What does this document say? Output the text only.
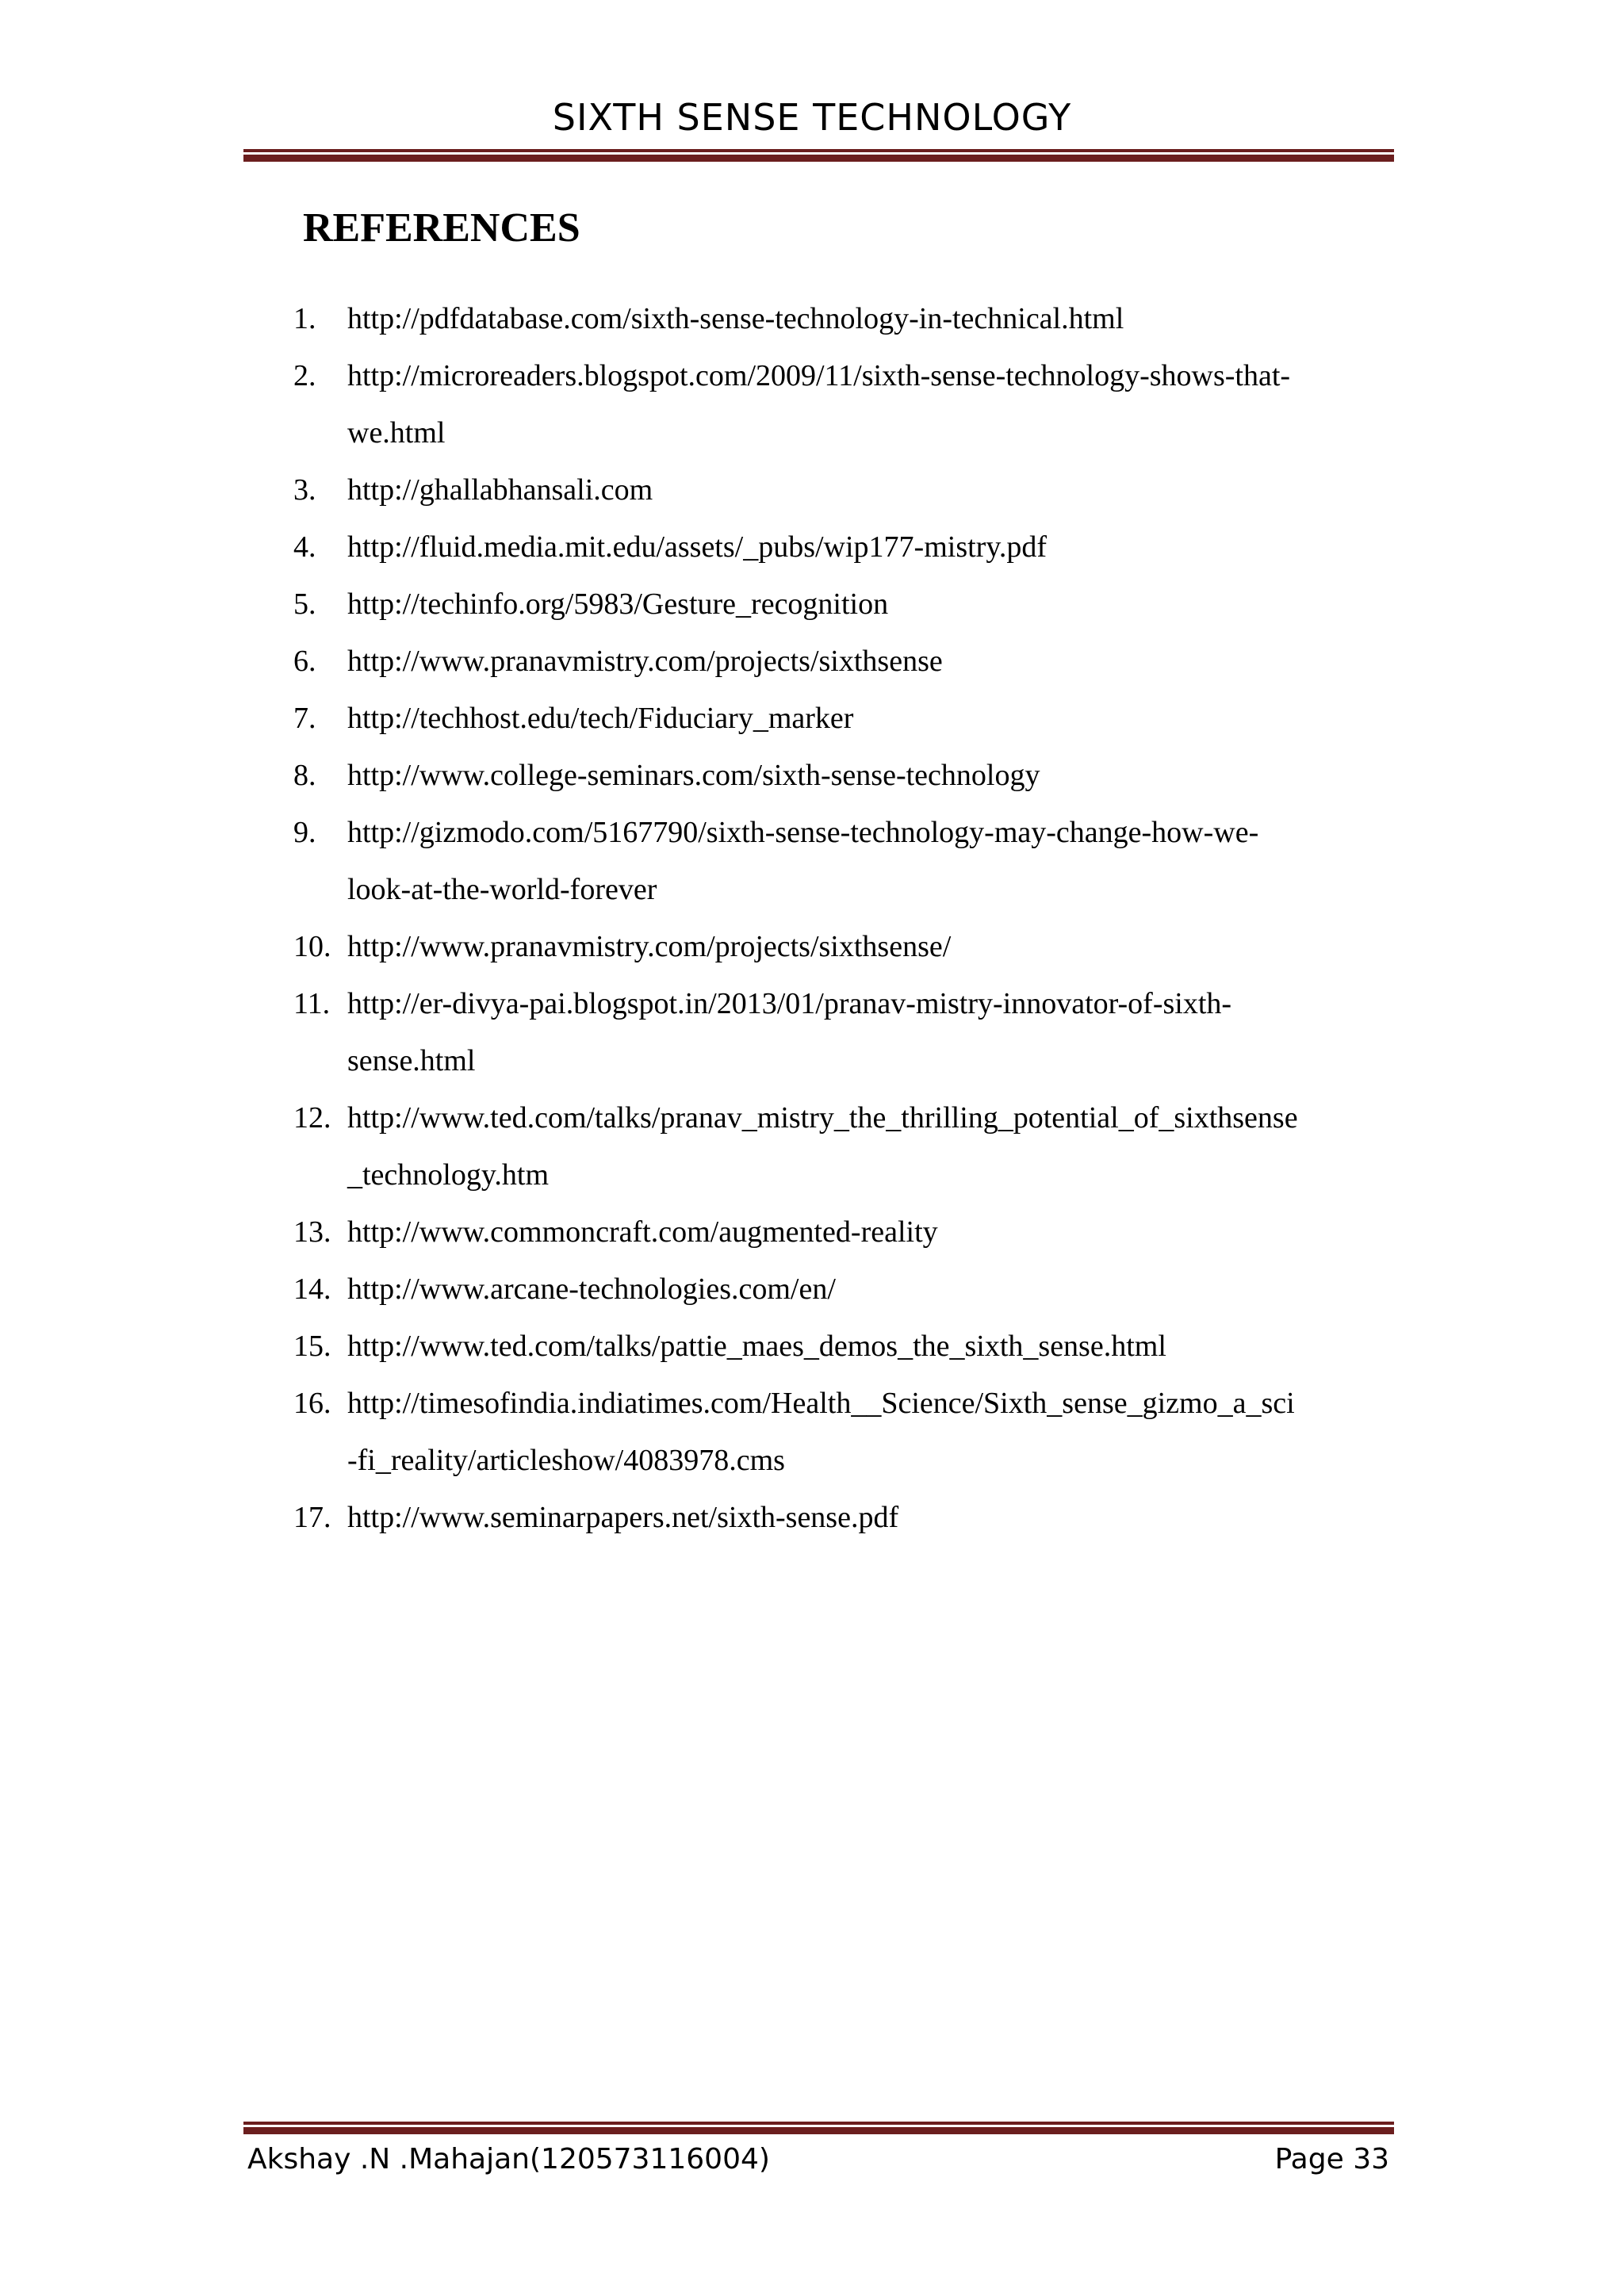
SIXTH SENSE TECHNOLOGY
REFERENCES
1.	http://pdfdatabase.com/sixth-sense-technology-in-technical.html
2.	http://microreaders.blogspot.com/2009/11/sixth-sense-technology-shows-that-
we.html
3.	http://ghallabhansali.com
4.	http://fluid.media.mit.edu/assets/_pubs/wip177-mistry.pdf
5.	http://techinfo.org/5983/Gesture_recognition
6.	http://www.pranavmistry.com/projects/sixthsense
7.	http://techhost.edu/tech/Fiduciary_marker
8.	http://www.college-seminars.com/sixth-sense-technology
9.	http://gizmodo.com/5167790/sixth-sense-technology-may-change-how-we-
look-at-the-world-forever
10. http://www.pranavmistry.com/projects/sixthsense/
11. http://er-divya-pai.blogspot.in/2013/01/pranav-mistry-innovator-of-sixth-
sense.html
12. http://www.ted.com/talks/pranav_mistry_the_thrilling_potential_of_sixthsense
_technology.htm
13. http://www.commoncraft.com/augmented-reality
14. http://www.arcane-technologies.com/en/
15. http://www.ted.com/talks/pattie_maes_demos_the_sixth_sense.html
16. http://timesofindia.indiatimes.com/Health__Science/Sixth_sense_gizmo_a_sci
-fi_reality/articleshow/4083978.cms
17. http://www.seminarpapers.net/sixth-sense.pdf
Akshay .N .Mahajan(120573116004)	Page 33
